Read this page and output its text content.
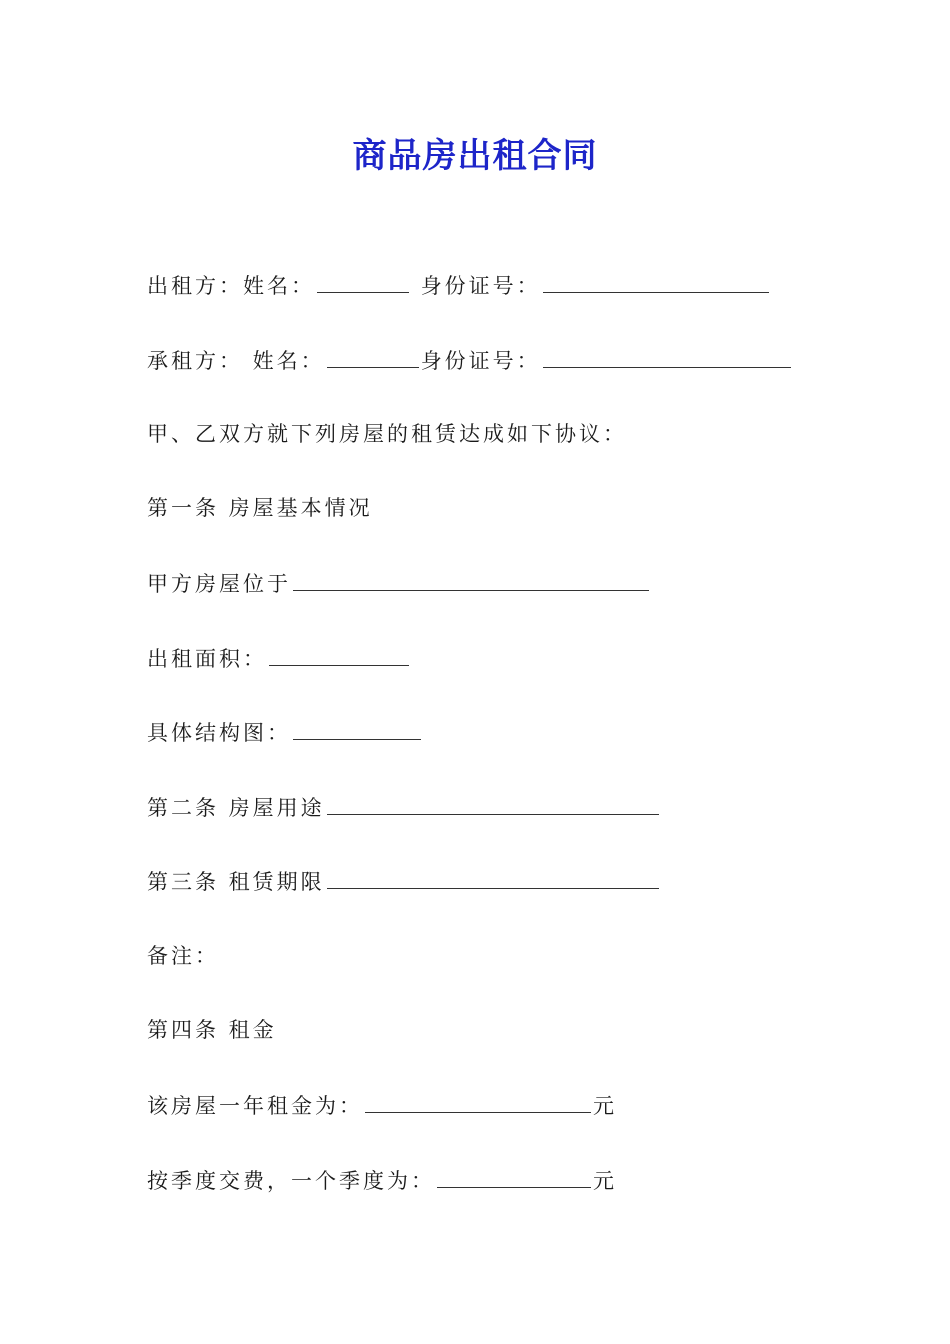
商品房出租合同
出租方：姓名：	身份证号：
承租方： 姓名：	身份证号：
甲、乙双方就下列房屋的租赁达成如下协议：
第一条 房屋基本情况
甲方房屋位于
出租面积：
具体结构图：
第二条 房屋用途
第三条 租赁期限
备注：
第四条 租金
该房屋一年租金为：	元
按季度交费，一个季度为：	元
